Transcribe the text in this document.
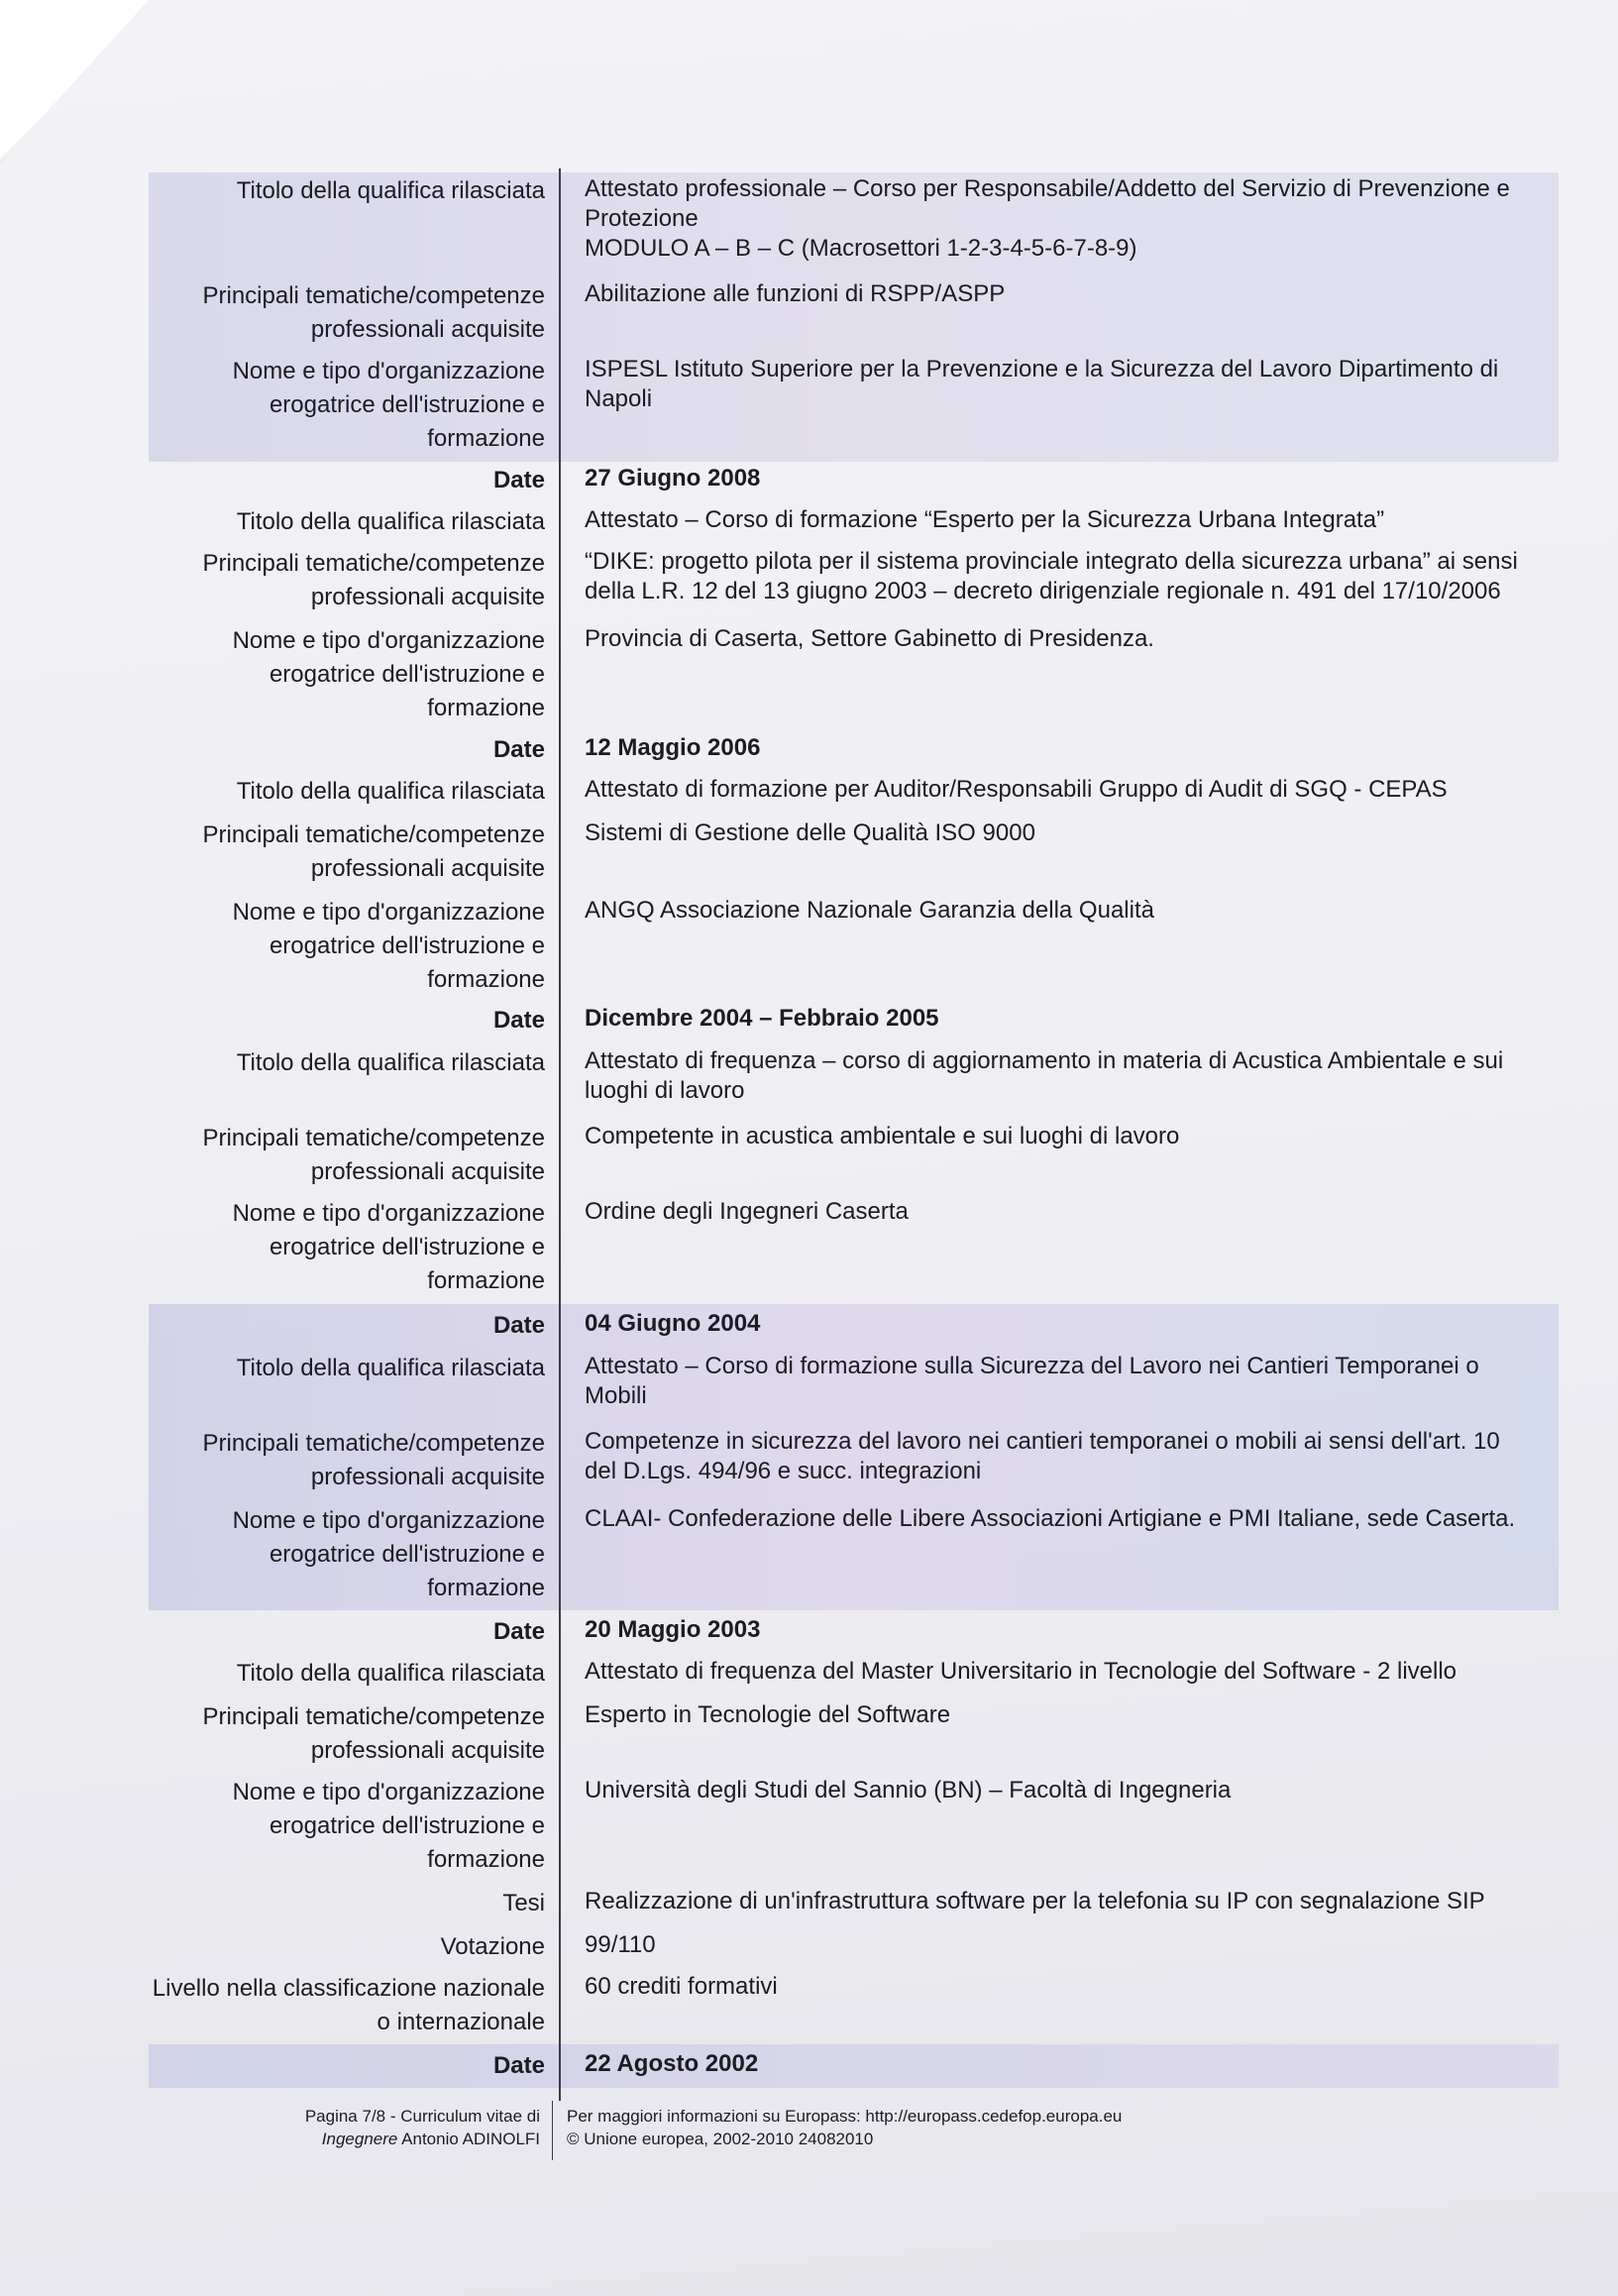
Titolo della qualifica rilasciata Attestato professionale – Corso per Responsabile/Addetto del Servizio di Prevenzione e Protezione
MODULO A – B – C (Macrosettori 1-2-3-4-5-6-7-8-9)
Principali tematiche/competenze professionali acquisite
Abilitazione alle funzioni di RSPP/ASPP
Nome e tipo d'organizzazione erogatrice dell'istruzione e formazione
ISPESL Istituto Superiore per la Prevenzione e la Sicurezza del Lavoro Dipartimento di Napoli
Date 27 Giugno 2008
Titolo della qualifica rilasciata Attestato – Corso di formazione “Esperto per la Sicurezza Urbana Integrata”
Principali tematiche/competenze professionali acquisite
“DIKE: progetto pilota per il sistema provinciale integrato della sicurezza urbana” ai sensi della L.R. 12 del 13 giugno 2003 – decreto dirigenziale regionale n. 491 del 17/10/2006
Nome e tipo d'organizzazione erogatrice dell'istruzione e formazione
Provincia di Caserta, Settore Gabinetto di Presidenza.
Date 12 Maggio 2006
Titolo della qualifica rilasciata Attestato di formazione per Auditor/Responsabili Gruppo di Audit di SGQ - CEPAS
Principali tematiche/competenze professionali acquisite
Sistemi di Gestione delle Qualità ISO 9000
Nome e tipo d'organizzazione erogatrice dell'istruzione e formazione
ANGQ Associazione Nazionale Garanzia della Qualità
Date Dicembre 2004 – Febbraio 2005
Titolo della qualifica rilasciata Attestato di frequenza – corso di aggiornamento in materia di Acustica Ambientale e sui luoghi di lavoro
Principali tematiche/competenze professionali acquisite
Competente in acustica ambientale e sui luoghi di lavoro
Nome e tipo d'organizzazione erogatrice dell'istruzione e formazione
Ordine degli Ingegneri Caserta
Date 04 Giugno 2004
Titolo della qualifica rilasciata Attestato – Corso di formazione sulla Sicurezza del Lavoro nei Cantieri Temporanei o Mobili
Principali tematiche/competenze professionali acquisite
Competenze in sicurezza del lavoro nei cantieri temporanei o mobili ai sensi dell'art. 10 del D.Lgs. 494/96 e succ. integrazioni
Nome e tipo d'organizzazione erogatrice dell'istruzione e formazione
CLAAI- Confederazione delle Libere Associazioni Artigiane e PMI Italiane, sede Caserta.
Date 20 Maggio 2003
Titolo della qualifica rilasciata Attestato di frequenza del Master Universitario in Tecnologie del Software - 2 livello
Principali tematiche/competenze professionali acquisite
Esperto in Tecnologie del Software
Nome e tipo d'organizzazione erogatrice dell'istruzione e formazione
Università degli Studi del Sannio (BN) – Facoltà di Ingegneria
Tesi Realizzazione di un'infrastruttura software per la telefonia su IP con segnalazione SIP
Votazione 99/110
Livello nella classificazione nazionale o internazionale
60 crediti formativi
Date 22 Agosto 2002
Pagina 7/8 - Curriculum vitae di
Ingegnere Antonio ADINOLFI
Per maggiori informazioni su Europass: http://europass.cedefop.europa.eu
© Unione europea, 2002-2010 24082010
